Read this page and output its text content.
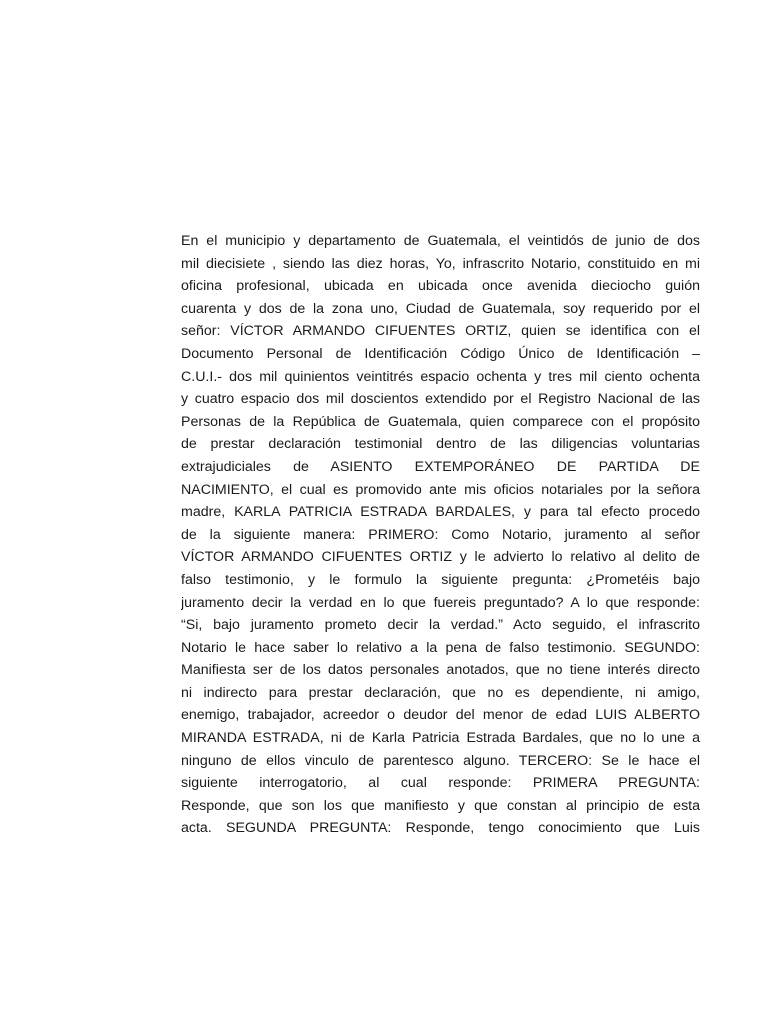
En el municipio y departamento de Guatemala, el veintidós de junio de dos
mil diecisiete , siendo las diez horas, Yo, infrascrito Notario, constituido en mi
oficina profesional, ubicada en ubicada once avenida dieciocho guión
cuarenta y dos de la zona uno, Ciudad de Guatemala, soy requerido por el
señor: VÍCTOR ARMANDO CIFUENTES ORTIZ, quien se identifica con el
Documento Personal de Identificación Código Único de Identificación –
C.U.I.- dos mil quinientos veintitrés espacio ochenta y tres mil ciento ochenta
y cuatro espacio dos mil doscientos extendido por el Registro Nacional de las
Personas de la República de Guatemala, quien comparece con el propósito
de prestar declaración testimonial dentro de las diligencias voluntarias
extrajudiciales de ASIENTO EXTEMPORÁNEO DE PARTIDA DE
NACIMIENTO, el cual es promovido ante mis oficios notariales por la señora
madre, KARLA PATRICIA ESTRADA BARDALES, y para tal efecto procedo
de la siguiente manera: PRIMERO: Como Notario, juramento al señor
VÍCTOR ARMANDO CIFUENTES ORTIZ y le advierto lo relativo al delito de
falso testimonio, y le formulo la siguiente pregunta: ¿Prometéis bajo
juramento decir la verdad en lo que fuereis preguntado? A lo que responde:
“Si, bajo juramento prometo decir la verdad.” Acto seguido, el infrascrito
Notario le hace saber lo relativo a la pena de falso testimonio. SEGUNDO:
Manifiesta ser de los datos personales anotados, que no tiene interés directo
ni indirecto para prestar declaración, que no es dependiente, ni amigo,
enemigo, trabajador, acreedor o deudor del menor de edad LUIS ALBERTO
MIRANDA ESTRADA, ni de Karla Patricia Estrada Bardales, que no lo une a
ninguno de ellos vinculo de parentesco alguno. TERCERO: Se le hace el
siguiente interrogatorio, al cual responde: PRIMERA PREGUNTA:
Responde, que son los que manifiesto y que constan al principio de esta
acta. SEGUNDA PREGUNTA: Responde, tengo conocimiento que Luis
